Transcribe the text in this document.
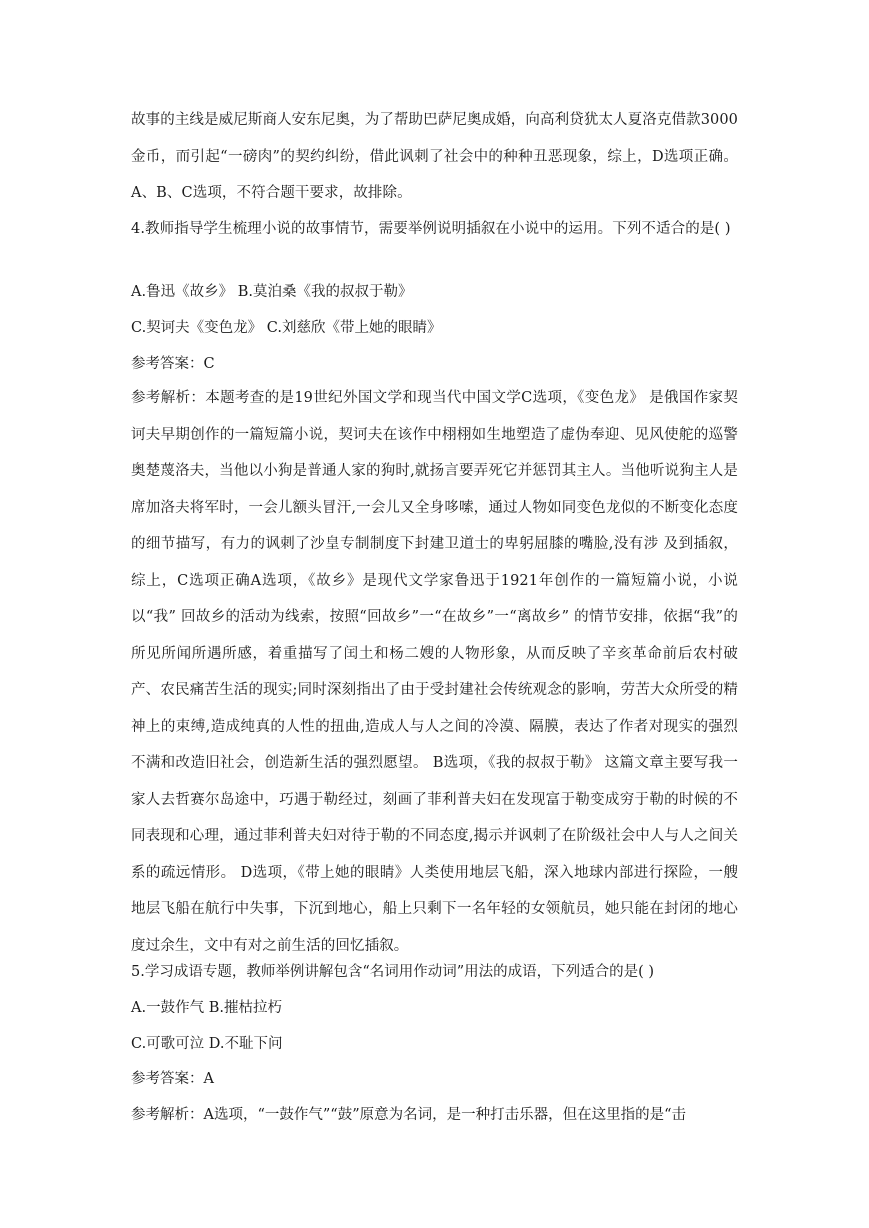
故事的主线是威尼斯商人安东尼奥，为了帮助巴萨尼奥成婚，向高利贷犹太人夏洛克借款3000金币，而引起“一磅肉”的契约纠纷，借此讽刺了社会中的种种丑恶现象，综上，D选项正确。 A、B、C选项，不符合题干要求，故排除。
4.教师指导学生梳理小说的故事情节，需要举例说明插叙在小说中的运用。下列不适合的是( )
A.鲁迅《故乡》 B.莫泊桑《我的叔叔于勒》
C.契诃夫《变色龙》 C.刘慈欣《带上她的眼睛》
参考答案：C
参考解析：本题考查的是19世纪外国文学和现当代中国文学C选项，《变色龙》 是俄国作家契诃夫早期创作的一篇短篇小说，契诃夫在该作中栩栩如生地塑造了虚伪奉迎、见风使舵的巡警奥楚蔑洛夫，当他以小狗是普通人家的狗时,就扬言要弄死它并惩罚其主人。当他听说狗主人是席加洛夫将军时，一会儿额头冒汗,一会儿又全身哆嗦，通过人物如同变色龙似的不断变化态度的细节描写，有力的讽刺了沙皇专制制度下封建卫道士的卑躬屈膝的嘴脸,没有涉 及到插叙，综上，C选项正确A选项，《故乡》是现代文学家鲁迅于1921年创作的一篇短篇小说，小说以“我” 回故乡的活动为线索，按照“回故乡”一“在故乡”一“离故乡” 的情节安排，依据“我”的所见所闻所遇所感，着重描写了闰土和杨二嫂的人物形象，从而反映了辛亥革命前后农村破产、农民痛苦生活的现实;同时深刻指出了由于受封建社会传统观念的影响，劳苦大众所受的精神上的束缚,造成纯真的人性的扭曲,造成人与人之间的冷漠、隔膜，表达了作者对现实的强烈不满和改造旧社会，创造新生活的强烈愿望。 B选项，《我的叔叔于勒》 这篇文章主要写我一家人去哲赛尔岛途中，巧遇于勒经过，刻画了菲利普夫妇在发现富于勒变成穷于勒的时候的不同表现和心理，通过菲利普夫妇对待于勒的不同态度,揭示并讽刺了在阶级社会中人与人之间关系的疏远情形。 D选项，《带上她的眼睛》人类使用地层飞船，深入地球内部进行探险，一艘地层飞船在航行中失事，下沉到地心，船上只剩下一名年轻的女领航员，她只能在封闭的地心度过余生，文中有对之前生活的回忆插叙。
5.学习成语专题，教师举例讲解包含“名词用作动词”用法的成语，下列适合的是( )
A.一鼓作气 B.摧枯拉朽
C.可歌可泣 D.不耻下问
参考答案：A
参考解析：A选项，“一鼓作气”“鼓”原意为名词，是一种打击乐器，但在这里指的是“击
